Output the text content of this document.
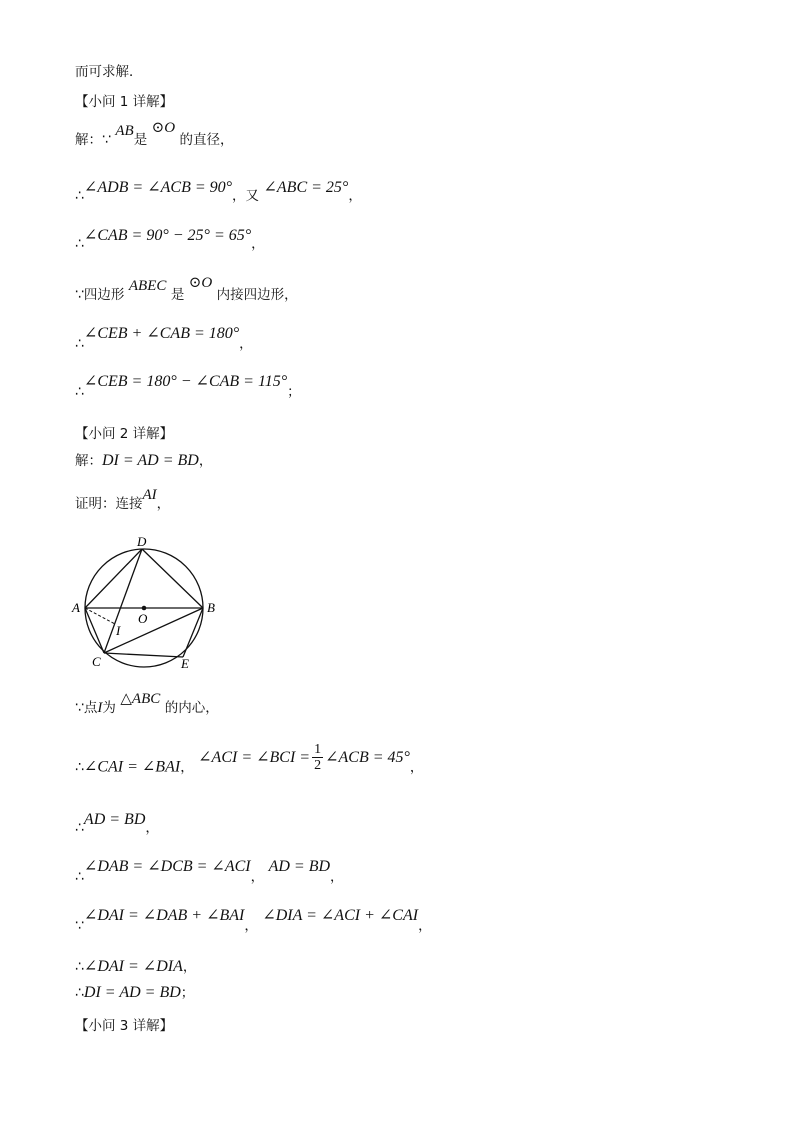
而可求解．
【小问 1 详解】
解：∵ AB是 ⊙O 的直径，
∴∠ADB = ∠ACB = 90°，又 ∠ABC = 25°，
∴∠CAB = 90° − 25° = 65°，
∵四边形 ABEC 是 ⊙O 内接四边形，
∴∠CEB + ∠CAB = 180°，
∴∠CEB = 180° − ∠CAB = 115°；
【小问 2 详解】
解：DI = AD = BD，
证明：连接AI，
D
A	B
O
I
C	E
∵点I为 △ABC 的内心，
∴∠CAI = ∠BAI， ∠ACI = ∠BCI = $\frac{1}{2}$ ∠ACB = 45°，
∴AD = BD，
∴∠DAB = ∠DCB = ∠ACI， AD = BD，
∵∠DAI = ∠DAB + ∠BAI， ∠DIA = ∠ACI + ∠CAI，
∴∠DAI = ∠DIA，
∴DI = AD = BD；
【小问 3 详解】
